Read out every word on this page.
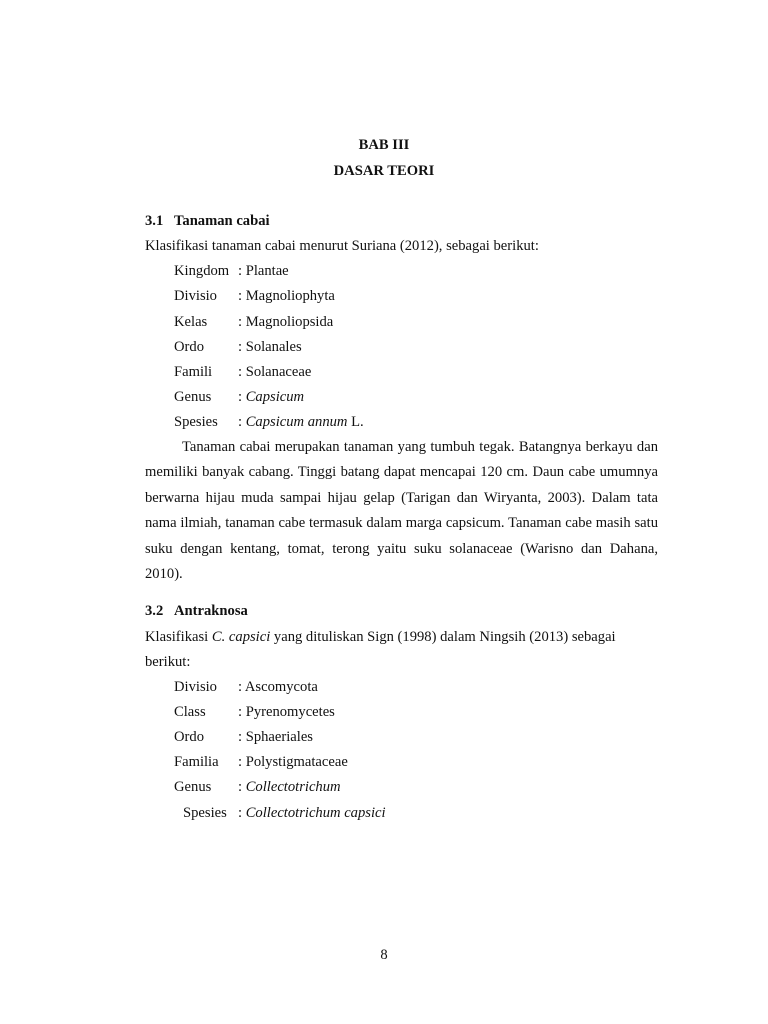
BAB III
DASAR TEORI
3.1 Tanaman cabai
Klasifikasi tanaman cabai menurut Suriana (2012), sebagai berikut:
Kingdom : Plantae
Divisio : Magnoliophyta
Kelas : Magnoliopsida
Ordo : Solanales
Famili : Solanaceae
Genus : Capsicum
Spesies : Capsicum annum L.
Tanaman cabai merupakan tanaman yang tumbuh tegak. Batangnya berkayu dan memiliki banyak cabang. Tinggi batang dapat mencapai 120 cm. Daun cabe umumnya berwarna hijau muda sampai hijau gelap (Tarigan dan Wiryanta, 2003). Dalam tata nama ilmiah, tanaman cabe termasuk dalam marga capsicum. Tanaman cabe masih satu suku dengan kentang, tomat, terong yaitu suku solanaceae (Warisno dan Dahana, 2010).
3.2 Antraknosa
Klasifikasi C. capsici yang dituliskan Sign (1998) dalam Ningsih (2013) sebagai
berikut:
Divisio : Ascomycota
Class : Pyrenomycetes
Ordo : Sphaeriales
Familia : Polystigmataceae
Genus : Collectotrichum
Spesies : Collectotrichum capsici
8
